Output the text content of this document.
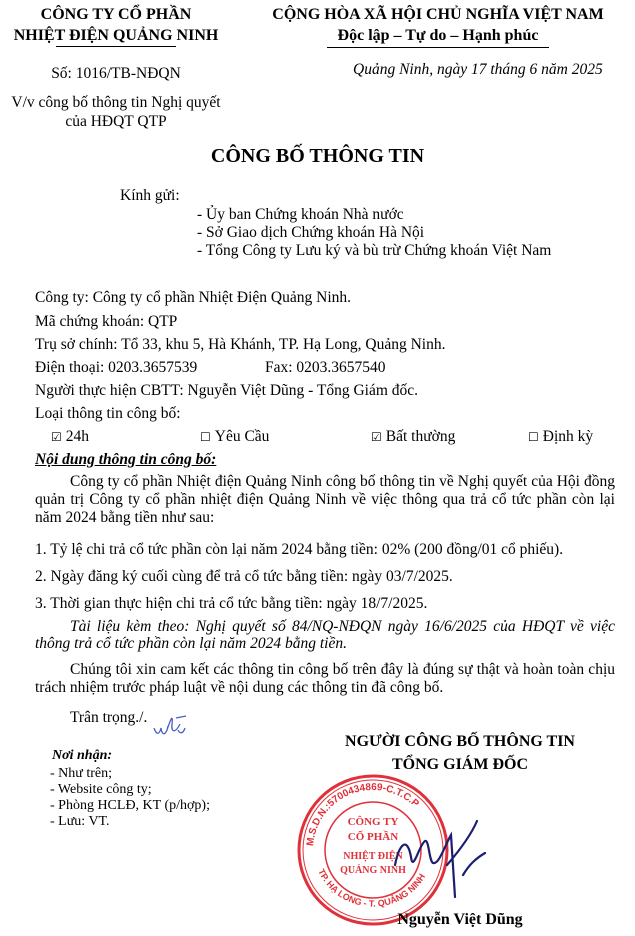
CÔNG TY CỔ PHẦN
NHIỆT ĐIỆN QUẢNG NINH
Số: 1016/TB-NĐQN
V/v công bố thông tin Nghị quyết
của HĐQT QTP
CỘNG HÒA XÃ HỘI CHỦ NGHĨA VIỆT NAM
Độc lập – Tự do – Hạnh phúc
Quảng Ninh, ngày 17 tháng 6 năm 2025
CÔNG BỐ THÔNG TIN
Kính gửi:
- Ủy ban Chứng khoán Nhà nước
- Sở Giao dịch Chứng khoán Hà Nội
- Tổng Công ty Lưu ký và bù trừ Chứng khoán Việt Nam
Công ty: Công ty cổ phần Nhiệt Điện Quảng Ninh.
Mã chứng khoán: QTP
Trụ sở chính: Tổ 33, khu 5, Hà Khánh, TP. Hạ Long, Quảng Ninh.
Điện thoại: 0203.3657539	Fax: 0203.3657540
Người thực hiện CBTT: Nguyễn Việt Dũng - Tổng Giám đốc.
Loại thông tin công bố:
☑ 24h	☐ Yêu Cầu	☑ Bất thường	☐ Định kỳ
Nội dung thông tin công bố:
Công ty cổ phần Nhiệt điện Quảng Ninh công bố thông tin về Nghị quyết của Hội đồng quản trị Công ty cổ phần nhiệt điện Quảng Ninh về việc thông qua trả cổ tức phần còn lại năm 2024 bằng tiền như sau:
1. Tỷ lệ chi trả cổ tức phần còn lại năm 2024 bằng tiền: 02% (200 đồng/01 cổ phiếu).
2. Ngày đăng ký cuối cùng để trả cổ tức bằng tiền: ngày 03/7/2025.
3. Thời gian thực hiện chi trả cổ tức bằng tiền: ngày 18/7/2025.
Tài liệu kèm theo: Nghị quyết số 84/NQ-NĐQN ngày 16/6/2025 của HĐQT về việc thông trả cổ tức phần còn lại năm 2024 bằng tiền.
Chúng tôi xin cam kết các thông tin công bố trên đây là đúng sự thật và hoàn toàn chịu trách nhiệm trước pháp luật về nội dung các thông tin đã công bố.
Trân trọng./.
NGƯỜI CÔNG BỐ THÔNG TIN
TỔNG GIÁM ĐỐC
Nơi nhận:
- Như trên;
- Website công ty;
- Phòng HCLĐ, KT (p/hợp);
- Lưu: VT.
M.S.D.N.:5700434869-C.T.C.P
TP. HẠ LONG - T. QUẢNG NINH
CÔNG TY
CỔ PHẦN
NHIỆT ĐIỆN
QUẢNG NINH
Nguyễn Việt Dũng
